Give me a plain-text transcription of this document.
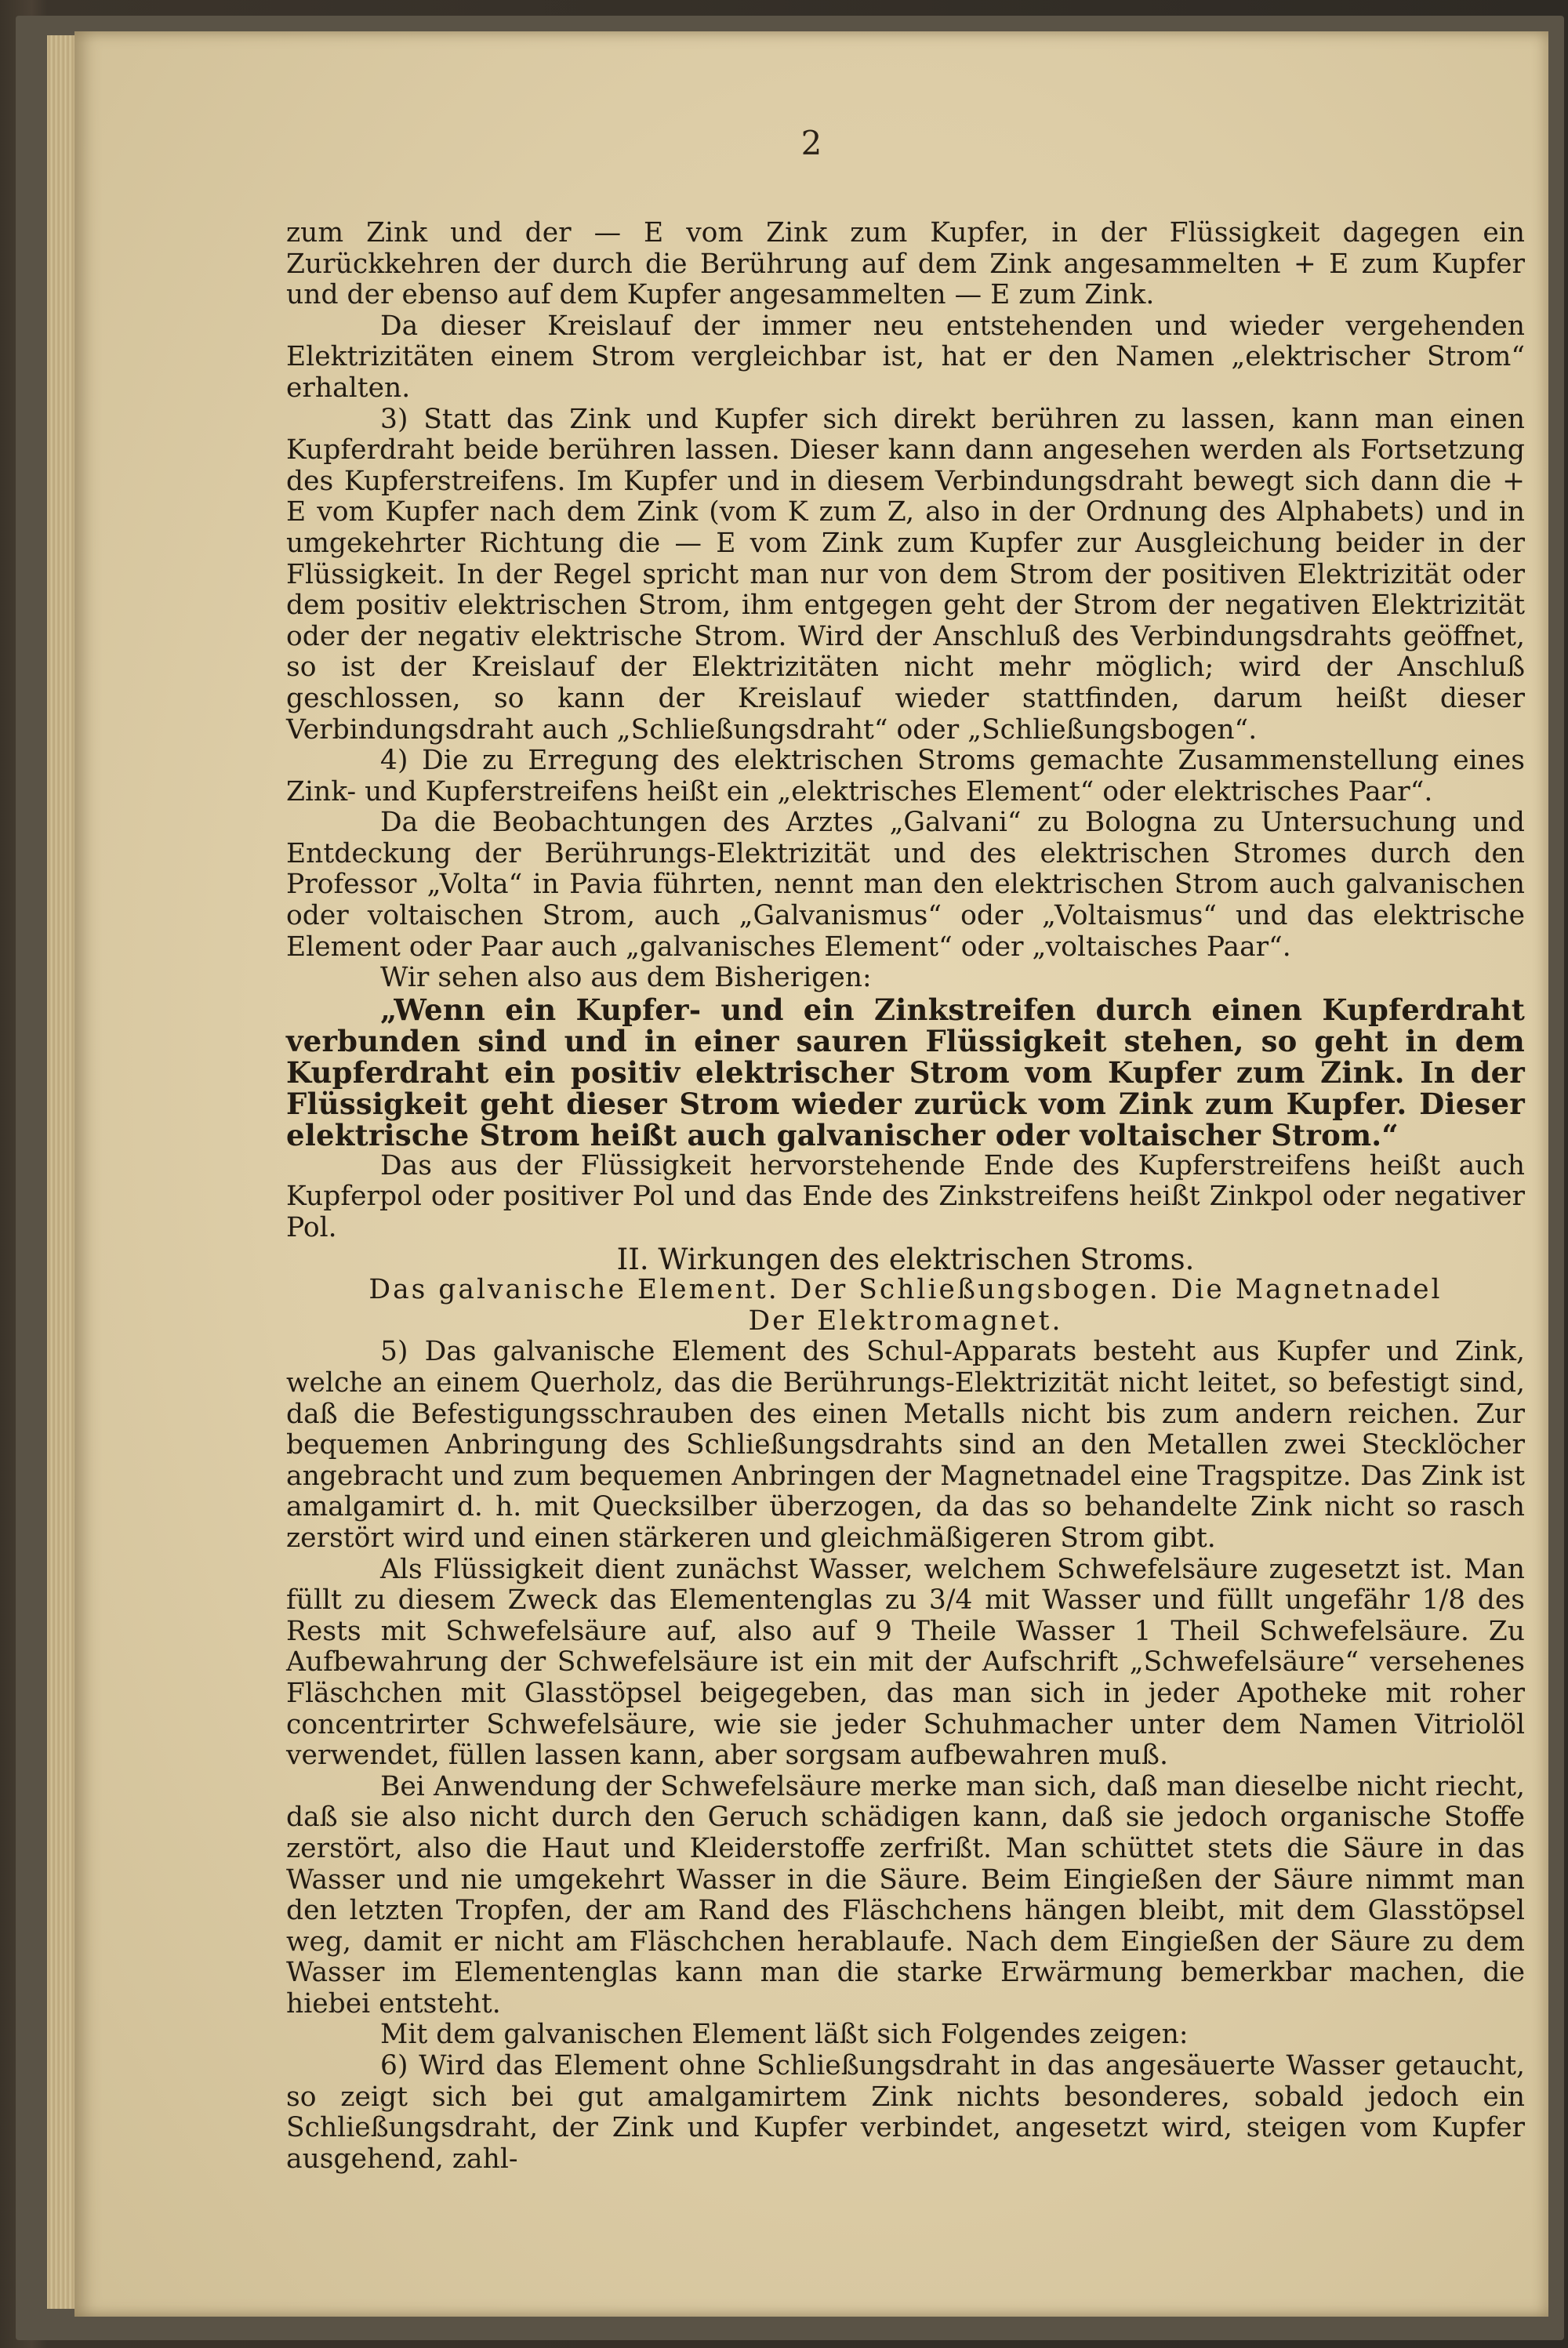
2

zum Zink und der — E vom Zink zum Kupfer, in der Flüssigkeit dagegen ein Zurückkehren der durch die Berührung auf dem Zink angesammelten + E zum Kupfer und der ebenso auf dem Kupfer angesammelten — E zum Zink.

Da dieser Kreislauf der immer neu entstehenden und wieder vergehenden Elektrizitäten einem Strom vergleichbar ist, hat er den Namen „elektrischer Strom“ erhalten.

3) Statt das Zink und Kupfer sich direkt berühren zu lassen, kann man einen Kupferdraht beide berühren lassen. Dieser kann dann angesehen werden als Fortsetzung des Kupferstreifens. Im Kupfer und in diesem Verbindungsdraht bewegt sich dann die + E vom Kupfer nach dem Zink (vom K zum Z, also in der Ordnung des Alphabets) und in umgekehrter Richtung die — E vom Zink zum Kupfer zur Ausgleichung beider in der Flüssigkeit. In der Regel spricht man nur von dem Strom der positiven Elektrizität oder dem positiv elektrischen Strom, ihm entgegen geht der Strom der negativen Elektrizität oder der negativ elektrische Strom. Wird der Anschluß des Verbindungsdrahts geöffnet, so ist der Kreislauf der Elektrizitäten nicht mehr möglich; wird der Anschluß geschlossen, so kann der Kreislauf wieder stattfinden, darum heißt dieser Verbindungsdraht auch „Schließungsdraht“ oder „Schließungsbogen“.

4) Die zu Erregung des elektrischen Stroms gemachte Zusammenstellung eines Zink- und Kupferstreifens heißt ein „elektrisches Element“ oder elektrisches Paar“.

Da die Beobachtungen des Arztes „Galvani“ zu Bologna zu Untersuchung und Entdeckung der Berührungs-Elektrizität und des elektrischen Stromes durch den Professor „Volta“ in Pavia führten, nennt man den elektrischen Strom auch galvanischen oder voltaischen Strom, auch „Galvanismus“ oder „Voltaismus“ und das elektrische Element oder Paar auch „galvanisches Element“ oder „voltaisches Paar“.

Wir sehen also aus dem Bisherigen:

„Wenn ein Kupfer- und ein Zinkstreifen durch einen Kupferdraht verbunden sind und in einer sauren Flüssigkeit stehen, so geht in dem Kupferdraht ein positiv elektrischer Strom vom Kupfer zum Zink. In der Flüssigkeit geht dieser Strom wieder zurück vom Zink zum Kupfer. Dieser elektrische Strom heißt auch galvanischer oder voltaischer Strom.“

Das aus der Flüssigkeit hervorstehende Ende des Kupferstreifens heißt auch Kupferpol oder positiver Pol und das Ende des Zinkstreifens heißt Zinkpol oder negativer Pol.

II. Wirkungen des elektrischen Stroms.

Das galvanische Element. Der Schließungsbogen. Die Magnetnadel

Der Elektromagnet.

5) Das galvanische Element des Schul-Apparats besteht aus Kupfer und Zink, welche an einem Querholz, das die Berührungs-Elektrizität nicht leitet, so befestigt sind, daß die Befestigungsschrauben des einen Metalls nicht bis zum andern reichen. Zur bequemen Anbringung des Schließungsdrahts sind an den Metallen zwei Stecklöcher angebracht und zum bequemen Anbringen der Magnetnadel eine Tragspitze. Das Zink ist amalgamirt d. h. mit Quecksilber überzogen, da das so behandelte Zink nicht so rasch zerstört wird und einen stärkeren und gleichmäßigeren Strom gibt.

Als Flüssigkeit dient zunächst Wasser, welchem Schwefelsäure zugesetzt ist. Man füllt zu diesem Zweck das Elementenglas zu 3/4 mit Wasser und füllt ungefähr 1/8 des Rests mit Schwefelsäure auf, also auf 9 Theile Wasser 1 Theil Schwefelsäure. Zu Aufbewahrung der Schwefelsäure ist ein mit der Aufschrift „Schwefelsäure“ versehenes Fläschchen mit Glasstöpsel beigegeben, das man sich in jeder Apotheke mit roher concentrirter Schwefelsäure, wie sie jeder Schuhmacher unter dem Namen Vitriolöl verwendet, füllen lassen kann, aber sorgsam aufbewahren muß.

Bei Anwendung der Schwefelsäure merke man sich, daß man dieselbe nicht riecht, daß sie also nicht durch den Geruch schädigen kann, daß sie jedoch organische Stoffe zerstört, also die Haut und Kleiderstoffe zerfrißt. Man schüttet stets die Säure in das Wasser und nie umgekehrt Wasser in die Säure. Beim Eingießen der Säure nimmt man den letzten Tropfen, der am Rand des Fläschchens hängen bleibt, mit dem Glasstöpsel weg, damit er nicht am Fläschchen herablaufe. Nach dem Eingießen der Säure zu dem Wasser im Elementenglas kann man die starke Erwärmung bemerkbar machen, die hiebei entsteht.

Mit dem galvanischen Element läßt sich Folgendes zeigen:

6) Wird das Element ohne Schließungsdraht in das angesäuerte Wasser getaucht, so zeigt sich bei gut amalgamirtem Zink nichts besonderes, sobald jedoch ein Schließungsdraht, der Zink und Kupfer verbindet, angesetzt wird, steigen vom Kupfer ausgehend, zahl-
